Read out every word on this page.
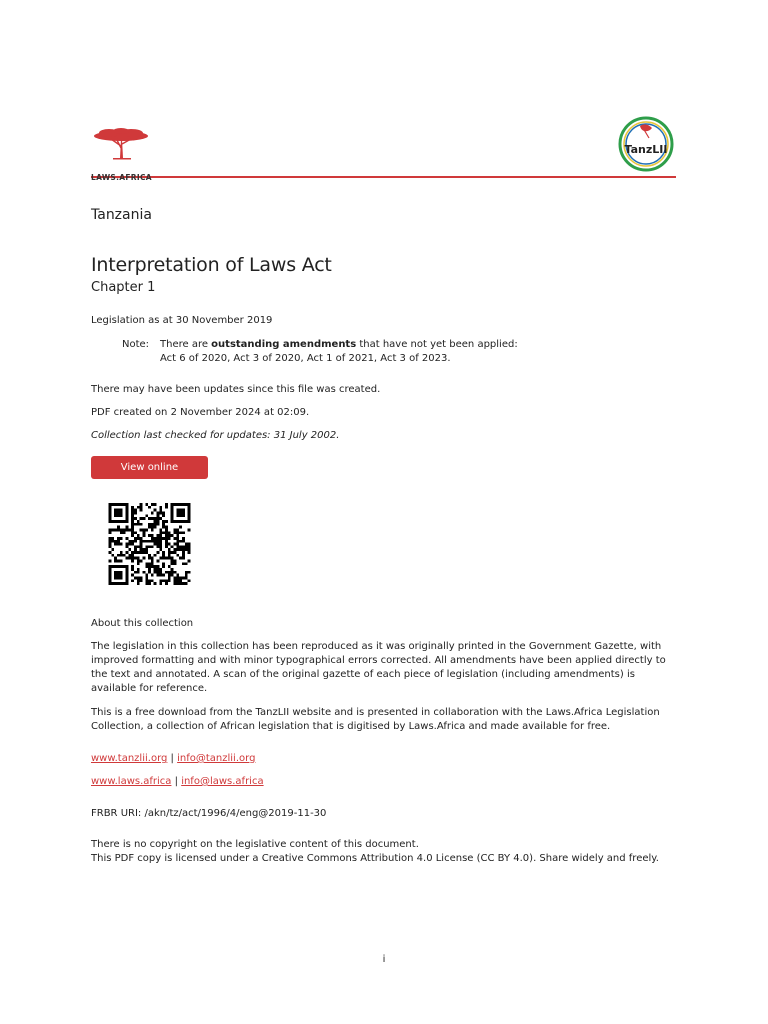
LAWS.AFRICA
TanzLII
Tanzania
Interpretation of Laws Act
Chapter 1
Legislation as at 30 November 2019
Note:	There are outstanding amendments that have not yet been applied:
Act 6 of 2020, Act 3 of 2020, Act 1 of 2021, Act 3 of 2023.
There may have been updates since this file was created.
PDF created on 2 November 2024 at 02:09.
Collection last checked for updates: 31 July 2002.
View online
About this collection
The legislation in this collection has been reproduced as it was originally printed in the Government Gazette, with improved formatting and with minor typographical errors corrected. All amendments have been applied directly to the text and annotated. A scan of the original gazette of each piece of legislation (including amendments) is available for reference.
This is a free download from the TanzLII website and is presented in collaboration with the Laws.Africa Legislation Collection, a collection of African legislation that is digitised by Laws.Africa and made available for free.
www.tanzlii.org | info@tanzlii.org
www.laws.africa | info@laws.africa
FRBR URI: /akn/tz/act/1996/4/eng@2019-11-30
There is no copyright on the legislative content of this document.
This PDF copy is licensed under a Creative Commons Attribution 4.0 License (CC BY 4.0). Share widely and freely.
i
